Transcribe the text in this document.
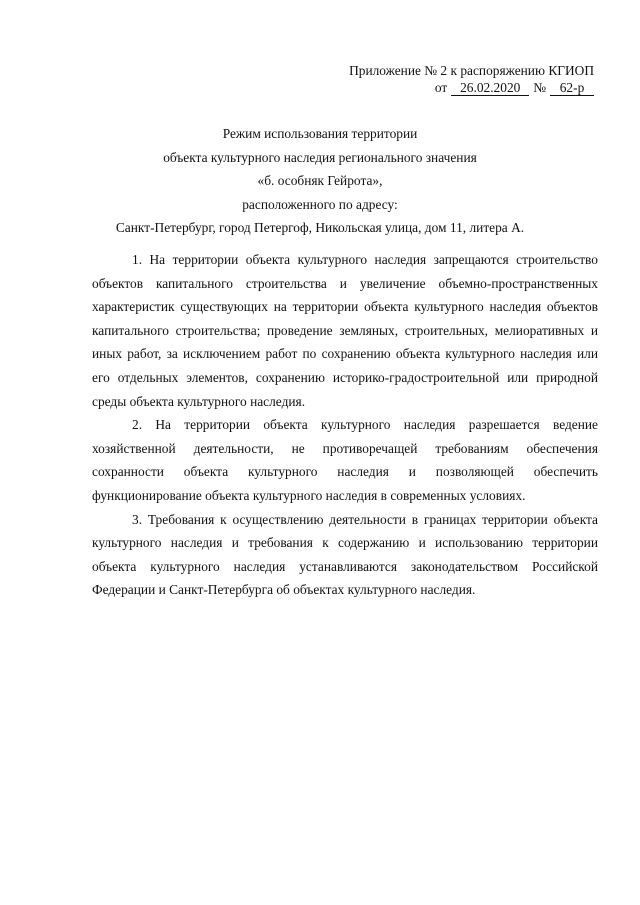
Приложение № 2 к распоряжению КГИОП
от 26.02.2020 №	62-р
Режим использования территории
объекта культурного наследия регионального значения
«б. особняк Гейрота»,
расположенного по адресу:
Санкт-Петербург, город Петергоф, Никольская улица, дом 11, литера А.

1. На территории объекта культурного наследия запрещаются строительство объектов капитального строительства и увеличение объемно-пространственных характеристик существующих на территории объекта культурного наследия объектов капитального строительства; проведение земляных, строительных, мелиоративных и иных работ, за исключением работ по сохранению объекта культурного наследия или его отдельных элементов, сохранению историко-градостроительной или природной среды объекта культурного наследия.

2. На территории объекта культурного наследия разрешается ведение хозяйственной деятельности, не противоречащей требованиям обеспечения сохранности объекта культурного наследия и позволяющей обеспечить функционирование объекта культурного наследия в современных условиях.

3. Требования к осуществлению деятельности в границах территории объекта культурного наследия и требования к содержанию и использованию территории объекта культурного наследия устанавливаются законодательством Российской Федерации и Санкт-Петербурга об объектах культурного наследия.
